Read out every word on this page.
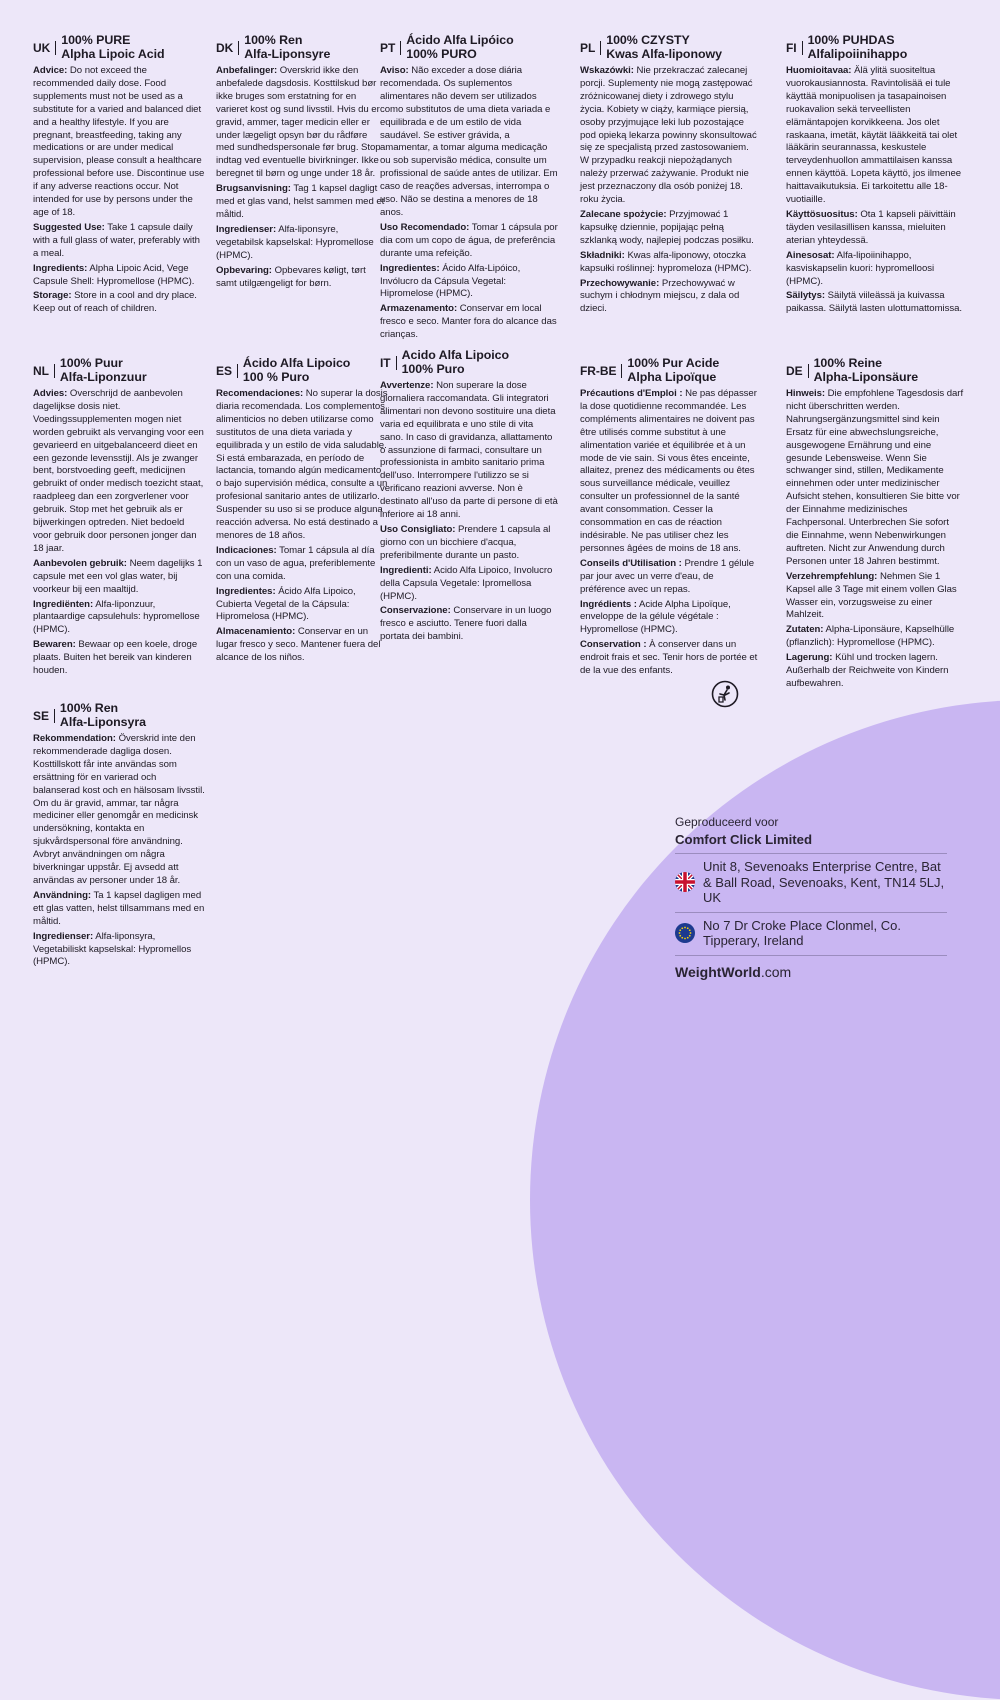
UK
100% PURE
Alpha Lipoic Acid
Advice: Do not exceed the recommended daily dose. Food supplements must not be used as a substitute for a varied and balanced diet and a healthy lifestyle. If you are pregnant, breastfeeding, taking any medications or are under medical supervision, please consult a healthcare professional before use. Discontinue use if any adverse reactions occur. Not intended for use by persons under the age of 18.
Suggested Use: Take 1 capsule daily with a full glass of water, preferably with a meal.
Ingredients: Alpha Lipoic Acid, Vege Capsule Shell: Hypromellose (HPMC).
Storage: Store in a cool and dry place. Keep out of reach of children.
DK
100% Ren
Alfa-Liponsyre
Anbefalinger: Overskrid ikke den anbefalede dagsdosis. Kosttilskud bør ikke bruges som erstatning for en varieret kost og sund livsstil. Hvis du er gravid, ammer, tager medicin eller er under lægeligt opsyn bør du rådføre med sundhedspersonale før brug. Stop indtag ved eventuelle bivirkninger. Ikke beregnet til børn og unge under 18 år.
Brugsanvisning: Tag 1 kapsel dagligt med et glas vand, helst sammen med et måltid.
Ingredienser: Alfa-liponsyre, vegetabilsk kapselskal: Hypromellose (HPMC).
Opbevaring: Opbevares køligt, tørt samt utilgængeligt for børn.
PT
Ácido Alfa Lipóico
100% PURO
Aviso: Não exceder a dose diária recomendada. Os suplementos alimentares não devem ser utilizados como substitutos de uma dieta variada e equilibrada e de um estilo de vida saudável. Se estiver grávida, a amamentar, a tomar alguma medicação ou sob supervisão médica, consulte um profissional de saúde antes de utilizar. Em caso de reações adversas, interrompa o uso. Não se destina a menores de 18 anos.
Uso Recomendado: Tomar 1 cápsula por dia com um copo de água, de preferência durante uma refeição.
Ingredientes: Ácido Alfa-Lipóico, Invólucro da Cápsula Vegetal: Hipromelose (HPMC).
Armazenamento: Conservar em local fresco e seco. Manter fora do alcance das crianças.
PL
100% CZYSTY
Kwas Alfa-liponowy
Wskazówki: Nie przekraczać zalecanej porcji. Suplementy nie mogą zastępować zróżnicowanej diety i zdrowego stylu życia. Kobiety w ciąży, karmiące piersią, osoby przyjmujące leki lub pozostające pod opieką lekarza powinny skonsultować się ze specjalistą przed zastosowaniem. W przypadku reakcji niepożądanych należy przerwać zażywanie. Produkt nie jest przeznaczony dla osób poniżej 18. roku życia.
Zalecane spożycie: Przyjmować 1 kapsułkę dziennie, popijając pełną szklanką wody, najlepiej podczas posiłku.
Składniki: Kwas alfa-liponowy, otoczka kapsułki roślinnej: hypromeloza (HPMC).
Przechowywanie: Przechowywać w suchym i chłodnym miejscu, z dala od dzieci.
FI
100% PUHDAS
Alfalipoiinihappo
Huomioitavaa: Älä ylitä suositeltua vuorokausiannosta. Ravintolisää ei tule käyttää monipuolisen ja tasapainoisen ruokavalion sekä terveellisten elämäntapojen korvikkeena. Jos olet raskaana, imetät, käytät lääkkeitä tai olet lääkärin seurannassa, keskustele terveydenhuollon ammattilaisen kanssa ennen käyttöä. Lopeta käyttö, jos ilmenee haittavaikutuksia. Ei tarkoitettu alle 18-vuotiaille.
Käyttösuositus: Ota 1 kapseli päivittäin täyden vesilasillisen kanssa, mieluiten aterian yhteydessä.
Ainesosat: Alfa-lipoiinihappo, kasviskapselin kuori: hypromelloosi (HPMC).
Säilytys: Säilytä viileässä ja kuivassa paikassa. Säilytä lasten ulottumattomissa.
NL
100% Puur
Alfa-Liponzuur
Advies: Overschrijd de aanbevolen dagelijkse dosis niet. Voedingssupplementen mogen niet worden gebruikt als vervanging voor een gevarieerd en uitgebalanceerd dieet en een gezonde levensstijl. Als je zwanger bent, borstvoeding geeft, medicijnen gebruikt of onder medisch toezicht staat, raadpleeg dan een zorgverlener voor gebruik. Stop met het gebruik als er bijwerkingen optreden. Niet bedoeld voor gebruik door personen jonger dan 18 jaar.
Aanbevolen gebruik: Neem dagelijks 1 capsule met een vol glas water, bij voorkeur bij een maaltijd.
Ingrediënten: Alfa-liponzuur, plantaardige capsulehuls: hypromellose (HPMC).
Bewaren: Bewaar op een koele, droge plaats. Buiten het bereik van kinderen houden.
ES
Ácido Alfa Lipoico
100 % Puro
Recomendaciones: No superar la dosis diaria recomendada. Los complementos alimenticios no deben utilizarse como sustitutos de una dieta variada y equilibrada y un estilo de vida saludable. Si está embarazada, en período de lactancia, tomando algún medicamento o bajo supervisión médica, consulte a un profesional sanitario antes de utilizarlo. Suspender su uso si se produce alguna reacción adversa. No está destinado a menores de 18 años.
Indicaciones: Tomar 1 cápsula al día con un vaso de agua, preferiblemente con una comida.
Ingredientes: Ácido Alfa Lipoico, Cubierta Vegetal de la Cápsula: Hipromelosa (HPMC).
Almacenamiento: Conservar en un lugar fresco y seco. Mantener fuera del alcance de los niños.
IT
Acido Alfa Lipoico
100% Puro
Avvertenze: Non superare la dose giornaliera raccomandata. Gli integratori alimentari non devono sostituire una dieta varia ed equilibrata e uno stile di vita sano. In caso di gravidanza, allattamento o assunzione di farmaci, consultare un professionista in ambito sanitario prima dell'uso. Interrompere l'utilizzo se si verificano reazioni avverse. Non è destinato all'uso da parte di persone di età inferiore ai 18 anni.
Uso Consigliato: Prendere 1 capsula al giorno con un bicchiere d'acqua, preferibilmente durante un pasto.
Ingredienti: Acido Alfa Lipoico, Involucro della Capsula Vegetale: Ipromellosa (HPMC).
Conservazione: Conservare in un luogo fresco e asciutto. Tenere fuori dalla portata dei bambini.
FR-BE
100% Pur Acide
Alpha Lipoïque
Précautions d'Emploi : Ne pas dépasser la dose quotidienne recommandée. Les compléments alimentaires ne doivent pas être utilisés comme substitut à une alimentation variée et équilibrée et à un mode de vie sain. Si vous êtes enceinte, allaitez, prenez des médicaments ou êtes sous surveillance médicale, veuillez consulter un professionnel de la santé avant consommation. Cesser la consommation en cas de réaction indésirable. Ne pas utiliser chez les personnes âgées de moins de 18 ans.
Conseils d'Utilisation : Prendre 1 gélule par jour avec un verre d'eau, de préférence avec un repas.
Ingrédients : Acide Alpha Lipoïque, enveloppe de la gélule végétale : Hypromellose (HPMC).
Conservation : À conserver dans un endroit frais et sec. Tenir hors de portée et de la vue des enfants.
DE
100% Reine
Alpha-Liponsäure
Hinweis: Die empfohlene Tagesdosis darf nicht überschritten werden. Nahrungsergänzungsmittel sind kein Ersatz für eine abwechslungsreiche, ausgewogene Ernährung und eine gesunde Lebensweise. Wenn Sie schwanger sind, stillen, Medikamente einnehmen oder unter medizinischer Aufsicht stehen, konsultieren Sie bitte vor der Einnahme medizinisches Fachpersonal. Unterbrechen Sie sofort die Einnahme, wenn Nebenwirkungen auftreten. Nicht zur Anwendung durch Personen unter 18 Jahren bestimmt.
Verzehrempfehlung: Nehmen Sie 1 Kapsel alle 3 Tage mit einem vollen Glas Wasser ein, vorzugsweise zu einer Mahlzeit.
Zutaten: Alpha-Liponsäure, Kapselhülle (pflanzlich): Hypromellose (HPMC).
Lagerung: Kühl und trocken lagern. Außerhalb der Reichweite von Kindern aufbewahren.
SE
100% Ren
Alfa-Liponsyra
Rekommendation: Överskrid inte den rekommenderade dagliga dosen. Kosttillskott får inte användas som ersättning för en varierad och balanserad kost och en hälsosam livsstil. Om du är gravid, ammar, tar några mediciner eller genomgår en medicinsk undersökning, kontakta en sjukvårdspersonal före användning. Avbryt användningen om några biverkningar uppstår. Ej avsedd att användas av personer under 18 år.
Användning: Ta 1 kapsel dagligen med ett glas vatten, helst tillsammans med en måltid.
Ingredienser: Alfa-liponsyra, Vegetabiliskt kapselskal: Hypromellos (HPMC).
Geproduceerd voor
Comfort Click Limited
Unit 8, Sevenoaks Enterprise Centre, Bat & Ball Road, Sevenoaks, Kent, TN14 5LJ, UK
No 7 Dr Croke Place Clonmel, Co. Tipperary, Ireland
WeightWorld.com
